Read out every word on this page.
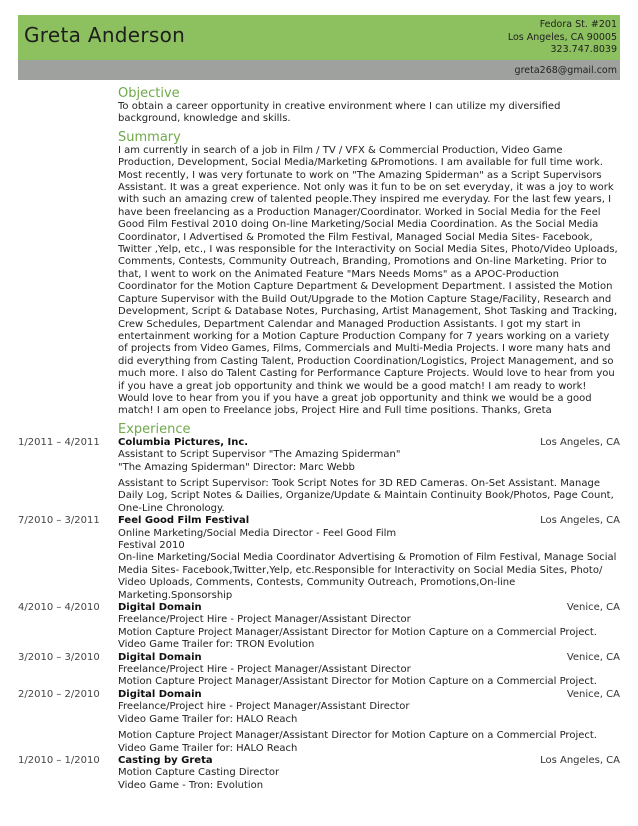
Greta Anderson	Fedora St. #201
Los Angeles, CA 90005
323.747.8039
greta268@gmail.com
Objective

To obtain a career opportunity in creative environment where I can utilize my diversified background, knowledge and skills.

Summary

I am currently in search of a job in Film / TV / VFX & Commercial Production, Video Game Production, Development, Social Media/Marketing &Promotions. I am available for full time work. Most recently, I was very fortunate to work on "The Amazing Spiderman" as a Script Supervisors Assistant. It was a great experience. Not only was it fun to be on set everyday, it was a joy to work with such an amazing crew of talented people.They inspired me everyday. For the last few years, I have been freelancing as a Production Manager/Coordinator. Worked in Social Media for the Feel Good Film Festival 2010 doing On-line Marketing/Social Media Coordination. As the Social Media Coordinator, I Advertised & Promoted the Film Festival, Managed Social Media Sites- Facebook, Twitter ,Yelp, etc., I was responsible for the Interactivity on Social Media Sites, Photo/Video Uploads, Comments, Contests, Community Outreach, Branding, Promotions and On-line Marketing. Prior to that, I went to work on the Animated Feature "Mars Needs Moms" as a APOC-Production Coordinator for the Motion Capture Department & Development Department. I assisted the Motion Capture Supervisor with the Build Out/Upgrade to the Motion Capture Stage/Facility, Research and Development, Script & Database Notes, Purchasing, Artist Management, Shot Tasking and Tracking, Crew Schedules, Department Calendar and Managed Production Assistants. I got my start in entertainment working for a Motion Capture Production Company for 7 years working on a variety of projects from Video Games, Films, Commercials and Multi-Media Projects. I wore many hats and did everything from Casting Talent, Production Coordination/Logistics, Project Management, and so much more. I also do Talent Casting for Performance Capture Projects. Would love to hear from you if you have a great job opportunity and think we would be a good match! I am ready to work! Would love to hear from you if you have a great job opportunity and think we would be a good match! I am open to Freelance jobs, Project Hire and Full time positions. Thanks, Greta

Experience
1/2011 – 4/2011 Columbia Pictures, Inc.	Los Angeles, CA

Assistant to Script Supervisor "The Amazing Spiderman"

"The Amazing Spiderman" Director: Marc Webb

Assistant to Script Supervisor: Took Script Notes for 3D RED Cameras. On-Set Assistant. Manage Daily Log, Script Notes & Dailies, Organize/Update & Maintain Continuity Book/Photos, Page Count, One-Line Chronology.

7/2010 – 3/2011 Feel Good Film Festival	Los Angeles, CA

Online Marketing/Social Media Director - Feel Good Film

Festival 2010

On-line Marketing/Social Media Coordinator Advertising & Promotion of Film Festival, Manage Social Media Sites- Facebook,Twitter,Yelp, etc.Responsible for Interactivity on Social Media Sites, Photo/ Video Uploads, Comments, Contests, Community Outreach, Promotions,On-line Marketing.Sponsorship

4/2010 – 4/2010 Digital Domain	Venice, CA

Freelance/Project Hire - Project Manager/Assistant Director

Motion Capture Project Manager/Assistant Director for Motion Capture on a Commercial Project.

Video Game Trailer for: TRON Evolution

3/2010 – 3/2010 Digital Domain	Venice, CA

Freelance/Project Hire - Project Manager/Assistant Director

Motion Capture Project Manager/Assistant Director for Motion Capture on a Commercial Project.

2/2010 – 2/2010 Digital Domain	Venice, CA

Freelance/Project hire - Project Manager/Assistant Director

Video Game Trailer for: HALO Reach

Motion Capture Project Manager/Assistant Director for Motion Capture on a Commercial Project.

Video Game Trailer for: HALO Reach

1/2010 – 1/2010 Casting by Greta	Los Angeles, CA

Motion Capture Casting Director

Video Game - Tron: Evolution
